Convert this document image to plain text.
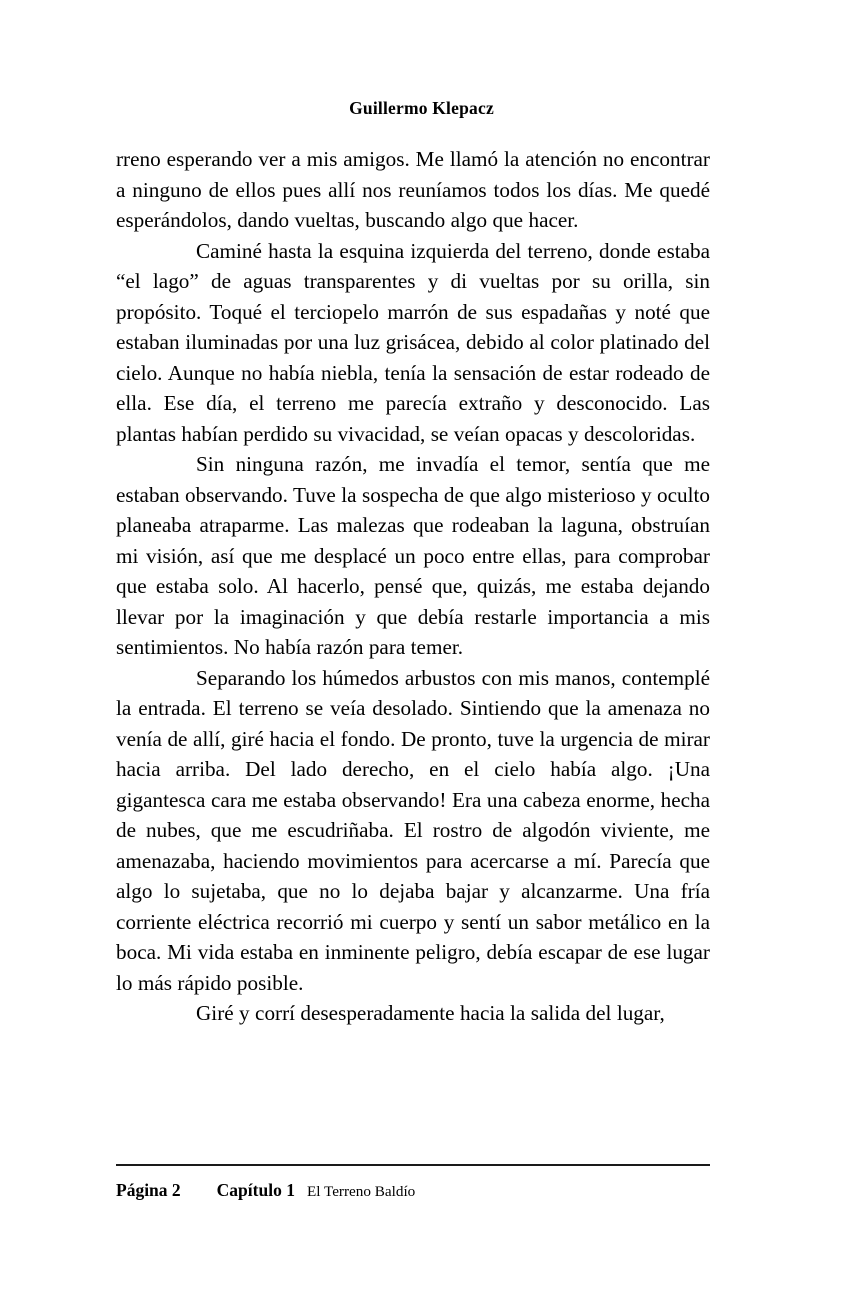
Guillermo Klepacz

rreno esperando ver a mis amigos. Me llamó la atención no encontrar a ninguno de ellos pues allí nos reuníamos todos los días. Me quedé esperándolos, dando vueltas, buscando algo que hacer.

Caminé hasta la esquina izquierda del terreno, donde estaba “el lago” de aguas transparentes y di vueltas por su orilla, sin propósito. Toqué el terciopelo marrón de sus espadañas y noté que estaban iluminadas por una luz grisácea, debido al color platinado del cielo. Aunque no había niebla, tenía la sensación de estar rodeado de ella. Ese día, el terreno me parecía extraño y desconocido. Las plantas habían perdido su vivacidad, se veían opacas y descoloridas.

Sin ninguna razón, me invadía el temor, sentía que me estaban observando. Tuve la sospecha de que algo misterioso y oculto planeaba atraparme. Las malezas que rodeaban la laguna, obstruían mi visión, así que me desplacé un poco entre ellas, para comprobar que estaba solo. Al hacerlo, pensé que, quizás, me estaba dejando llevar por la imaginación y que debía restarle importancia a mis sentimientos. No había razón para temer.

Separando los húmedos arbustos con mis manos, contemplé la entrada. El terreno se veía desolado. Sintiendo que la amenaza no venía de allí, giré hacia el fondo. De pronto, tuve la urgencia de mirar hacia arriba. Del lado derecho, en el cielo había algo. ¡Una gigantesca cara me estaba observando! Era una cabeza enorme, hecha de nubes, que me escudriñaba. El rostro de algodón viviente, me amenazaba, haciendo movimientos para acercarse a mí. Parecía que algo lo sujetaba, que no lo dejaba bajar y alcanzarme. Una fría corriente eléctrica recorrió mi cuerpo y sentí un sabor metálico en la boca. Mi vida estaba en inminente peligro, debía escapar de ese lugar lo más rápido posible.

Giré y corrí desesperadamente hacia la salida del lugar,

Página 2 Capítulo 1 El Terreno Baldío
